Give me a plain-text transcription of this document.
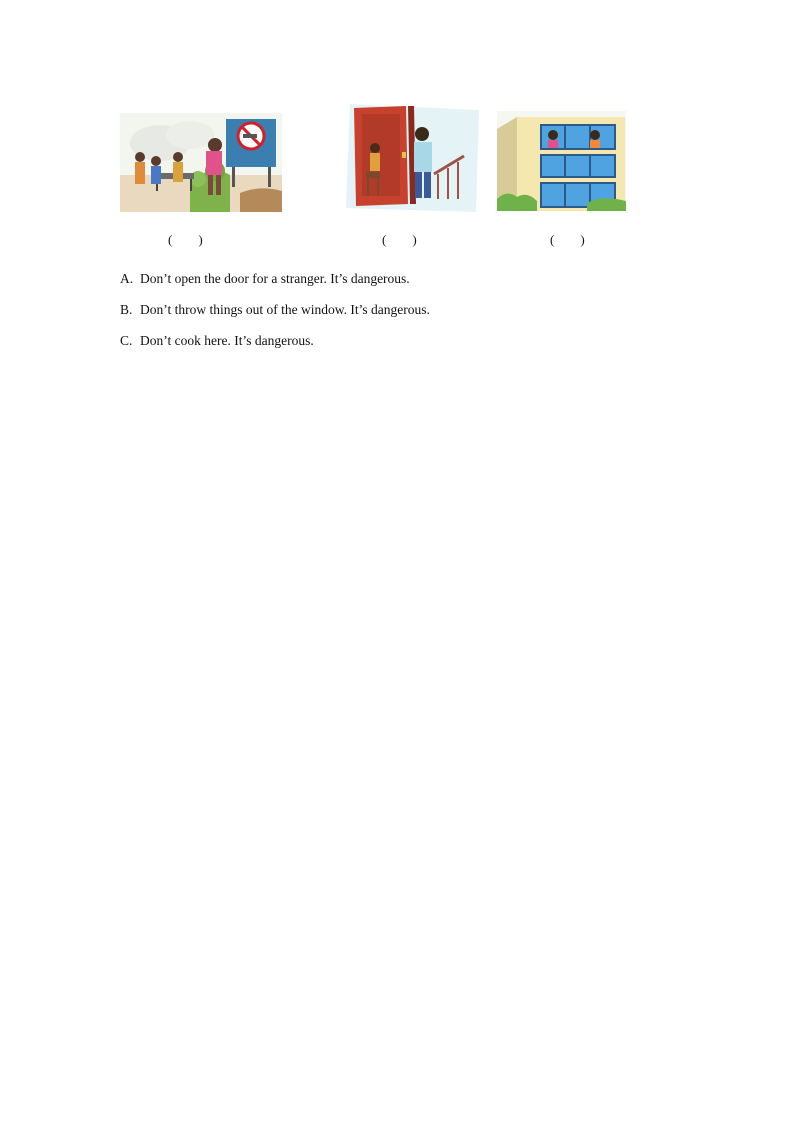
(        )	(        )	(        )
A. Don’t open the door for a stranger. It’s dangerous.
B. Don’t throw things out of the window. It’s dangerous.
C. Don’t cook here. It’s dangerous.
